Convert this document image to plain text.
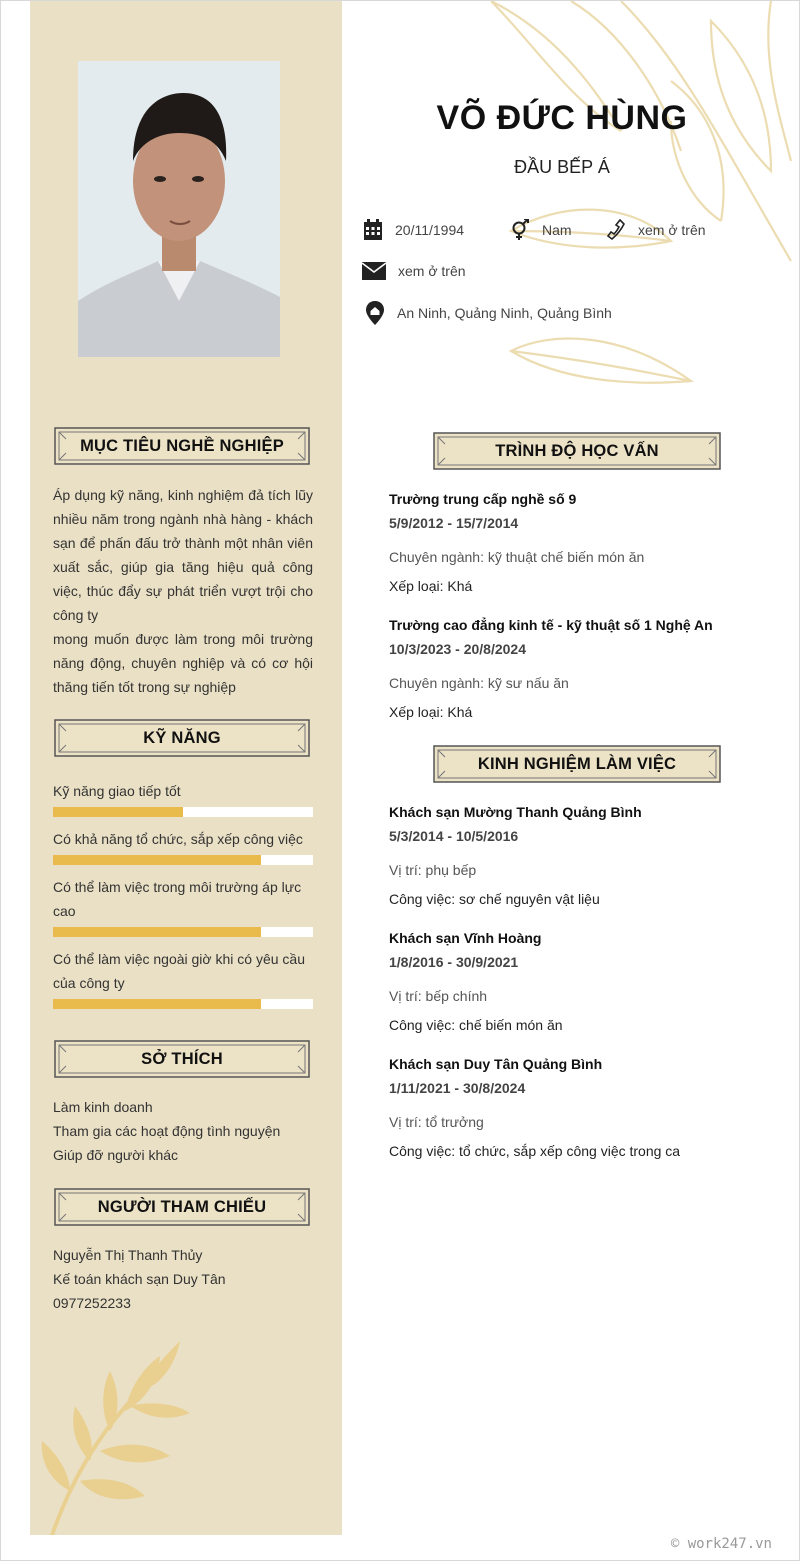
MỤC TIÊU NGHỀ NGHIỆP
Áp dụng kỹ năng, kinh nghiệm đả tích lũy nhiều năm trong ngành nhà hàng - khách sạn để phấn đấu trở thành một nhân viên xuất sắc, giúp gia tăng hiệu quả công việc, thúc đẩy sự phát triển vượt trội cho công ty
mong muốn được làm trong môi trường năng động, chuyên nghiệp và có cơ hội thăng tiến tốt trong sự nghiệp
KỸ NĂNG
Kỹ năng giao tiếp tốt
Có khả năng tổ chức, sắp xếp công việc
Có thể làm việc trong môi trường áp lực cao
Có thể làm việc ngoài giờ khi có yêu cầu của công ty
SỞ THÍCH
Làm kinh doanh
Tham gia các hoạt động tình nguyện
Giúp đỡ người khác
NGƯỜI THAM CHIẾU
Nguyễn Thị Thanh Thủy
Kế toán khách sạn Duy Tân
0977252233
VÕ ĐỨC HÙNG
ĐẦU BẾP Á
20/11/1994	Nam	xem ở trên
xem ở trên
An Ninh, Quảng Ninh, Quảng Bình
TRÌNH ĐỘ HỌC VẤN
Trường trung cấp nghề số 9
5/9/2012 - 15/7/2014
Chuyên ngành: kỹ thuật chế biến món ăn
Xếp loại: Khá
Trường cao đẳng kinh tế - kỹ thuật số 1 Nghệ An
10/3/2023 - 20/8/2024
Chuyên ngành: kỹ sư nấu ăn
Xếp loại: Khá
KINH NGHIỆM LÀM VIỆC
Khách sạn Mường Thanh Quảng Bình
5/3/2014 - 10/5/2016
Vị trí: phụ bếp
Công việc: sơ chế nguyên vật liệu
Khách sạn Vĩnh Hoàng
1/8/2016 - 30/9/2021
Vị trí: bếp chính
Công việc: chế biến món ăn
Khách sạn Duy Tân Quảng Bình
1/11/2021 - 30/8/2024
Vị trí: tổ trưởng
Công việc: tổ chức, sắp xếp công việc trong ca
© work247.vn
